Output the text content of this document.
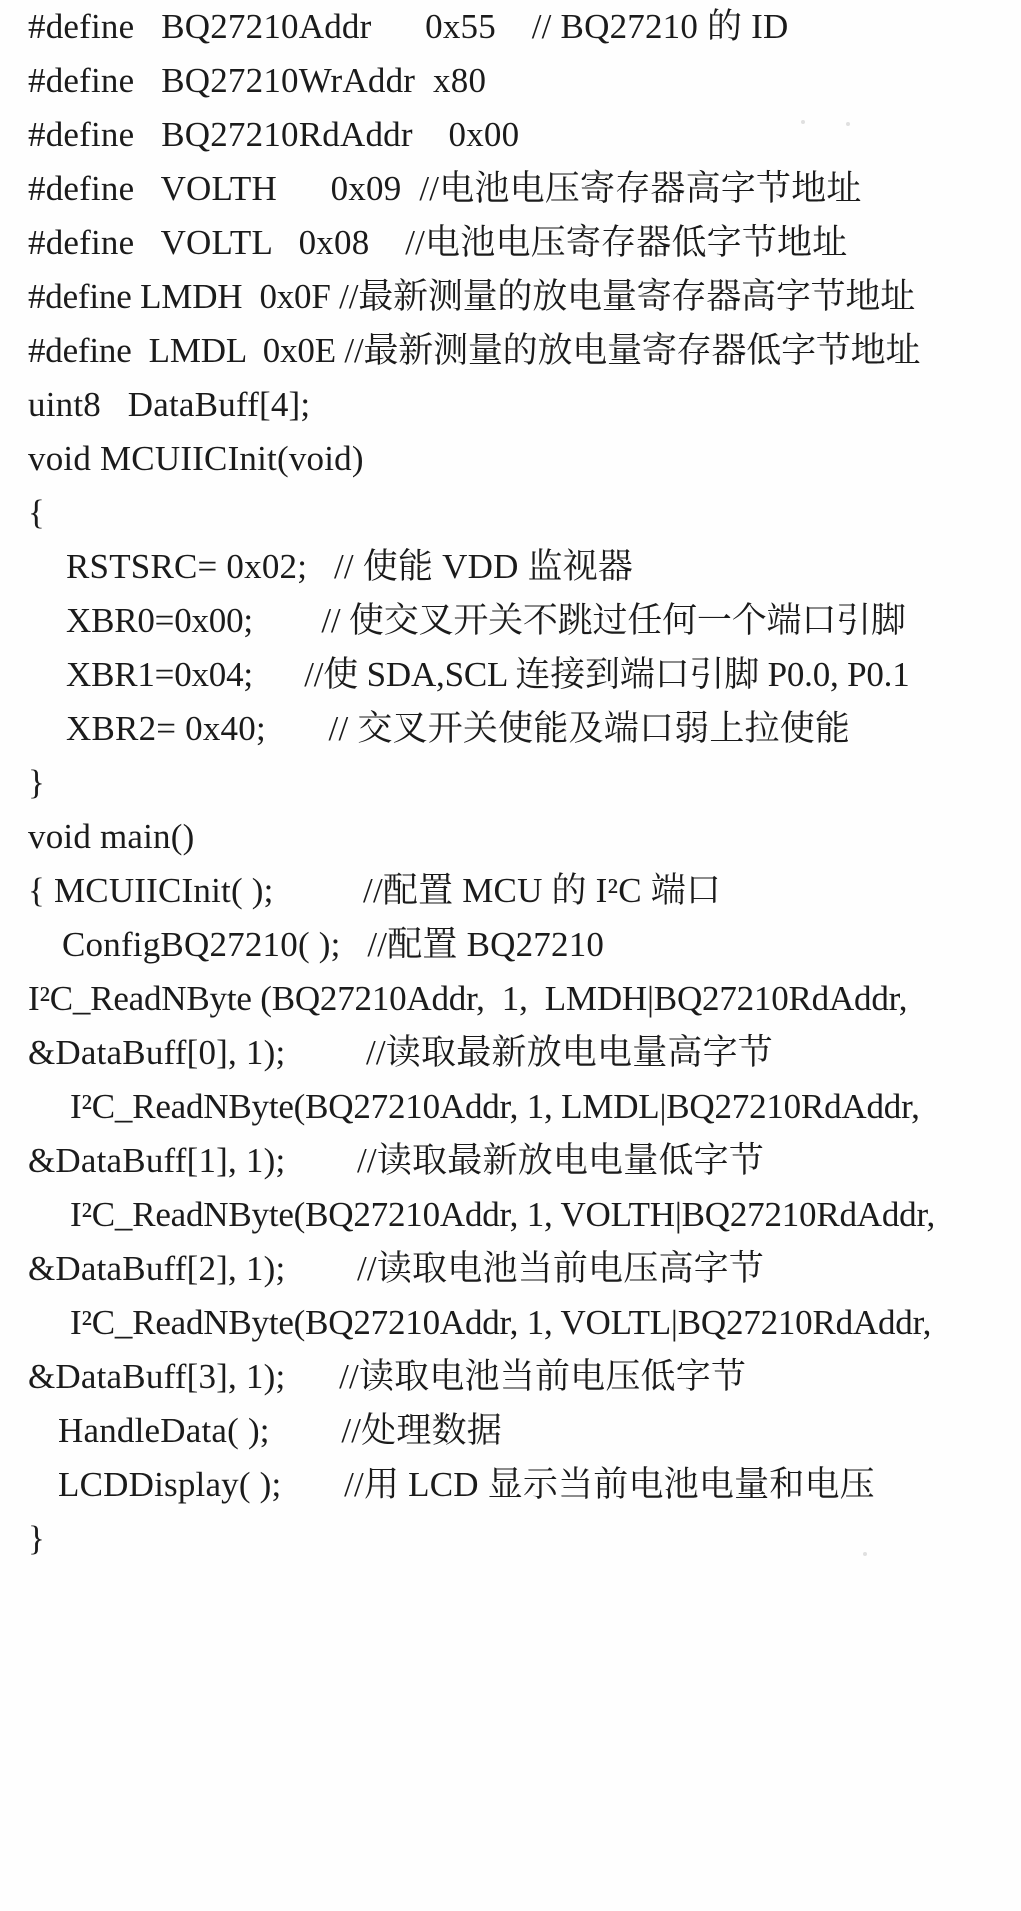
#define   BQ27210Addr      0x55    // BQ27210 的 ID
#define   BQ27210WrAddr  x80
#define   BQ27210RdAddr    0x00
#define   VOLTH      0x09  //电池电压寄存器高字节地址
#define   VOLTL   0x08    //电池电压寄存器低字节地址
#define LMDH  0x0F //最新测量的放电量寄存器高字节地址
#define  LMDL  0x0E //最新测量的放电量寄存器低字节地址
uint8   DataBuff[4];
void MCUIICInit(void)
{
RSTSRC= 0x02;   // 使能 VDD 监视器
XBR0=0x00;        // 使交叉开关不跳过任何一个端口引脚
XBR1=0x04;      //使 SDA,SCL 连接到端口引脚 P0.0, P0.1
XBR2= 0x40;       // 交叉开关使能及端口弱上拉使能
}
void main()
{ MCUIICInit( );          //配置 MCU 的 I²C 端口
ConfigBQ27210( );   //配置 BQ27210
I²C_ReadNByte (BQ27210Addr,  1,  LMDH|BQ27210RdAddr,
&DataBuff[0], 1);         //读取最新放电电量高字节
I²C_ReadNByte(BQ27210Addr, 1, LMDL|BQ27210RdAddr,
&DataBuff[1], 1);        //读取最新放电电量低字节
I²C_ReadNByte(BQ27210Addr, 1, VOLTH|BQ27210RdAddr,
&DataBuff[2], 1);        //读取电池当前电压高字节
I²C_ReadNByte(BQ27210Addr, 1, VOLTL|BQ27210RdAddr,
&DataBuff[3], 1);      //读取电池当前电压低字节
HandleData( );        //处理数据
LCDDisplay( );       //用 LCD 显示当前电池电量和电压
}
